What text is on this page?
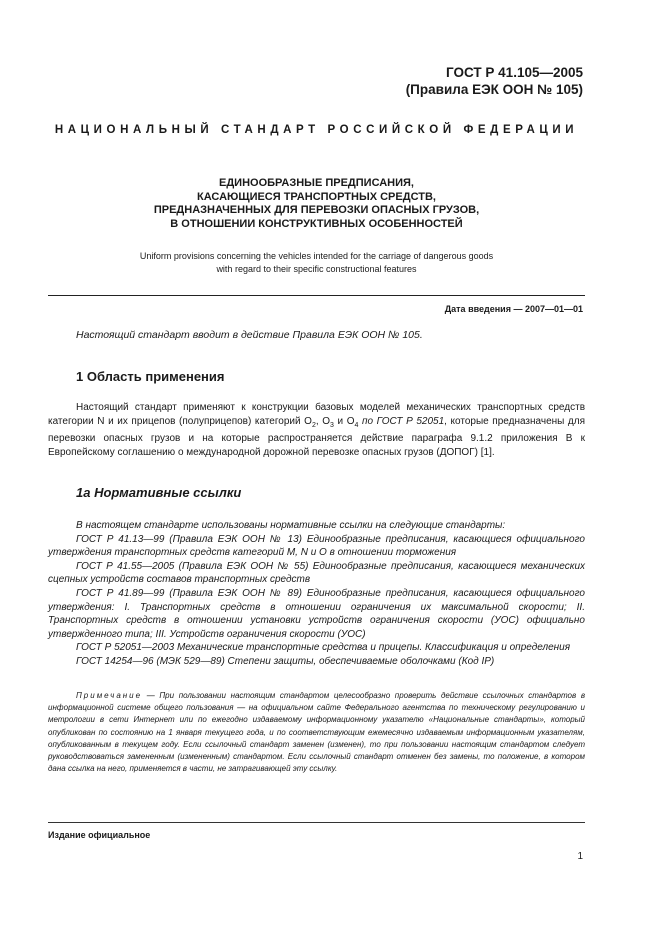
ГОСТ Р 41.105—2005
(Правила ЕЭК ООН № 105)
НАЦИОНАЛЬНЫЙ СТАНДАРТ РОССИЙСКОЙ ФЕДЕРАЦИИ
ЕДИНООБРАЗНЫЕ ПРЕДПИСАНИЯ,
КАСАЮЩИЕСЯ ТРАНСПОРТНЫХ СРЕДСТВ,
ПРЕДНАЗНАЧЕННЫХ ДЛЯ ПЕРЕВОЗКИ ОПАСНЫХ ГРУЗОВ,
В ОТНОШЕНИИ КОНСТРУКТИВНЫХ ОСОБЕННОСТЕЙ
Uniform provisions concerning the vehicles intended for the carriage of dangerous goods
with regard to their specific constructional features
Дата введения — 2007—01—01
Настоящий стандарт вводит в действие Правила ЕЭК ООН № 105.
1 Область применения
Настоящий стандарт применяют к конструкции базовых моделей механических транспортных средств категории N и их прицепов (полуприцепов) категорий $O_2$, $O_3$ и $O_4$ по ГОСТ Р 52051, которые предназначены для перевозки опасных грузов и на которые распространяется действие параграфа 9.1.2 приложения B к Европейскому соглашению о международной дорожной перевозке опасных грузов (ДОПОГ) [1].
1а Нормативные ссылки

В настоящем стандарте использованы нормативные ссылки на следующие стандарты:

ГОСТ Р 41.13—99 (Правила ЕЭК ООН № 13) Единообразные предписания, касающиеся официального утверждения транспортных средств категорий M, N и O в отношении торможения

ГОСТ Р 41.55—2005 (Правила ЕЭК ООН № 55) Единообразные предписания, касающиеся механических сцепных устройств составов транспортных средств

ГОСТ Р 41.89—99 (Правила ЕЭК ООН № 89) Единообразные предписания, касающиеся официального утверждения: I. Транспортных средств в отношении ограничения их максимальной скорости; II. Транспортных средств в отношении установки устройств ограничения скорости (УОС) официально утвержденного типа; III. Устройств ограничения скорости (УОС)

ГОСТ Р 52051—2003 Механические транспортные средства и прицепы. Классификация и определения

ГОСТ 14254—96 (МЭК 529—89) Степени защиты, обеспечиваемые оболочками (Код IP)

Примечание — При пользовании настоящим стандартом целесообразно проверить действие ссылочных стандартов в информационной системе общего пользования — на официальном сайте Федерального агентства по техническому регулированию и метрологии в сети Интернет или по ежегодно издаваемому информационному указателю «Национальные стандарты», который опубликован по состоянию на 1 января текущего года, и по соответствующим ежемесячно издаваемым информационным указателям, опубликованным в текущем году. Если ссылочный стандарт заменен (изменен), то при пользовании настоящим стандартом следует руководствоваться замененным (измененным) стандартом. Если ссылочный стандарт отменен без замены, то положение, в котором дана ссылка на него, применяется в части, не затрагивающей эту ссылку.
Издание официальное
1
